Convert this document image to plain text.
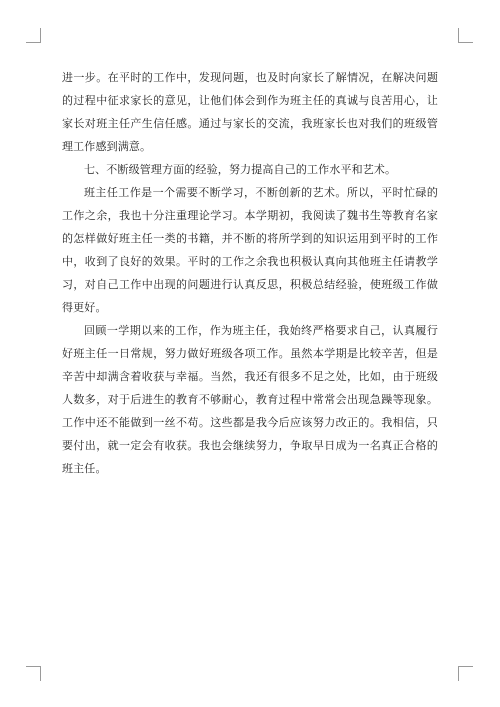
进一步。在平时的工作中，发现问题，也及时向家长了解情况，在解决问题的过程中征求家长的意见，让他们体会到作为班主任的真诚与良苦用心，让家长对班主任产生信任感。通过与家长的交流，我班家长也对我们的班级管理工作感到满意。

七、不断级管理方面的经验，努力提高自己的工作水平和艺术。

班主任工作是一个需要不断学习，不断创新的艺术。所以，平时忙碌的工作之余，我也十分注重理论学习。本学期初，我阅读了魏书生等教育名家的怎样做好班主任一类的书籍，并不断的将所学到的知识运用到平时的工作中，收到了良好的效果。平时的工作之余我也积极认真向其他班主任请教学习，对自己工作中出现的问题进行认真反思，积极总结经验，使班级工作做得更好。

回顾一学期以来的工作，作为班主任，我始终严格要求自己，认真履行好班主任一日常规，努力做好班级各项工作。虽然本学期是比较辛苦，但是辛苦中却满含着收获与幸福。当然，我还有很多不足之处，比如，由于班级人数多，对于后进生的教育不够耐心，教育过程中常常会出现急躁等现象。工作中还不能做到一丝不苟。这些都是我今后应该努力改正的。我相信，只要付出，就一定会有收获。我也会继续努力，争取早日成为一名真正合格的班主任。
